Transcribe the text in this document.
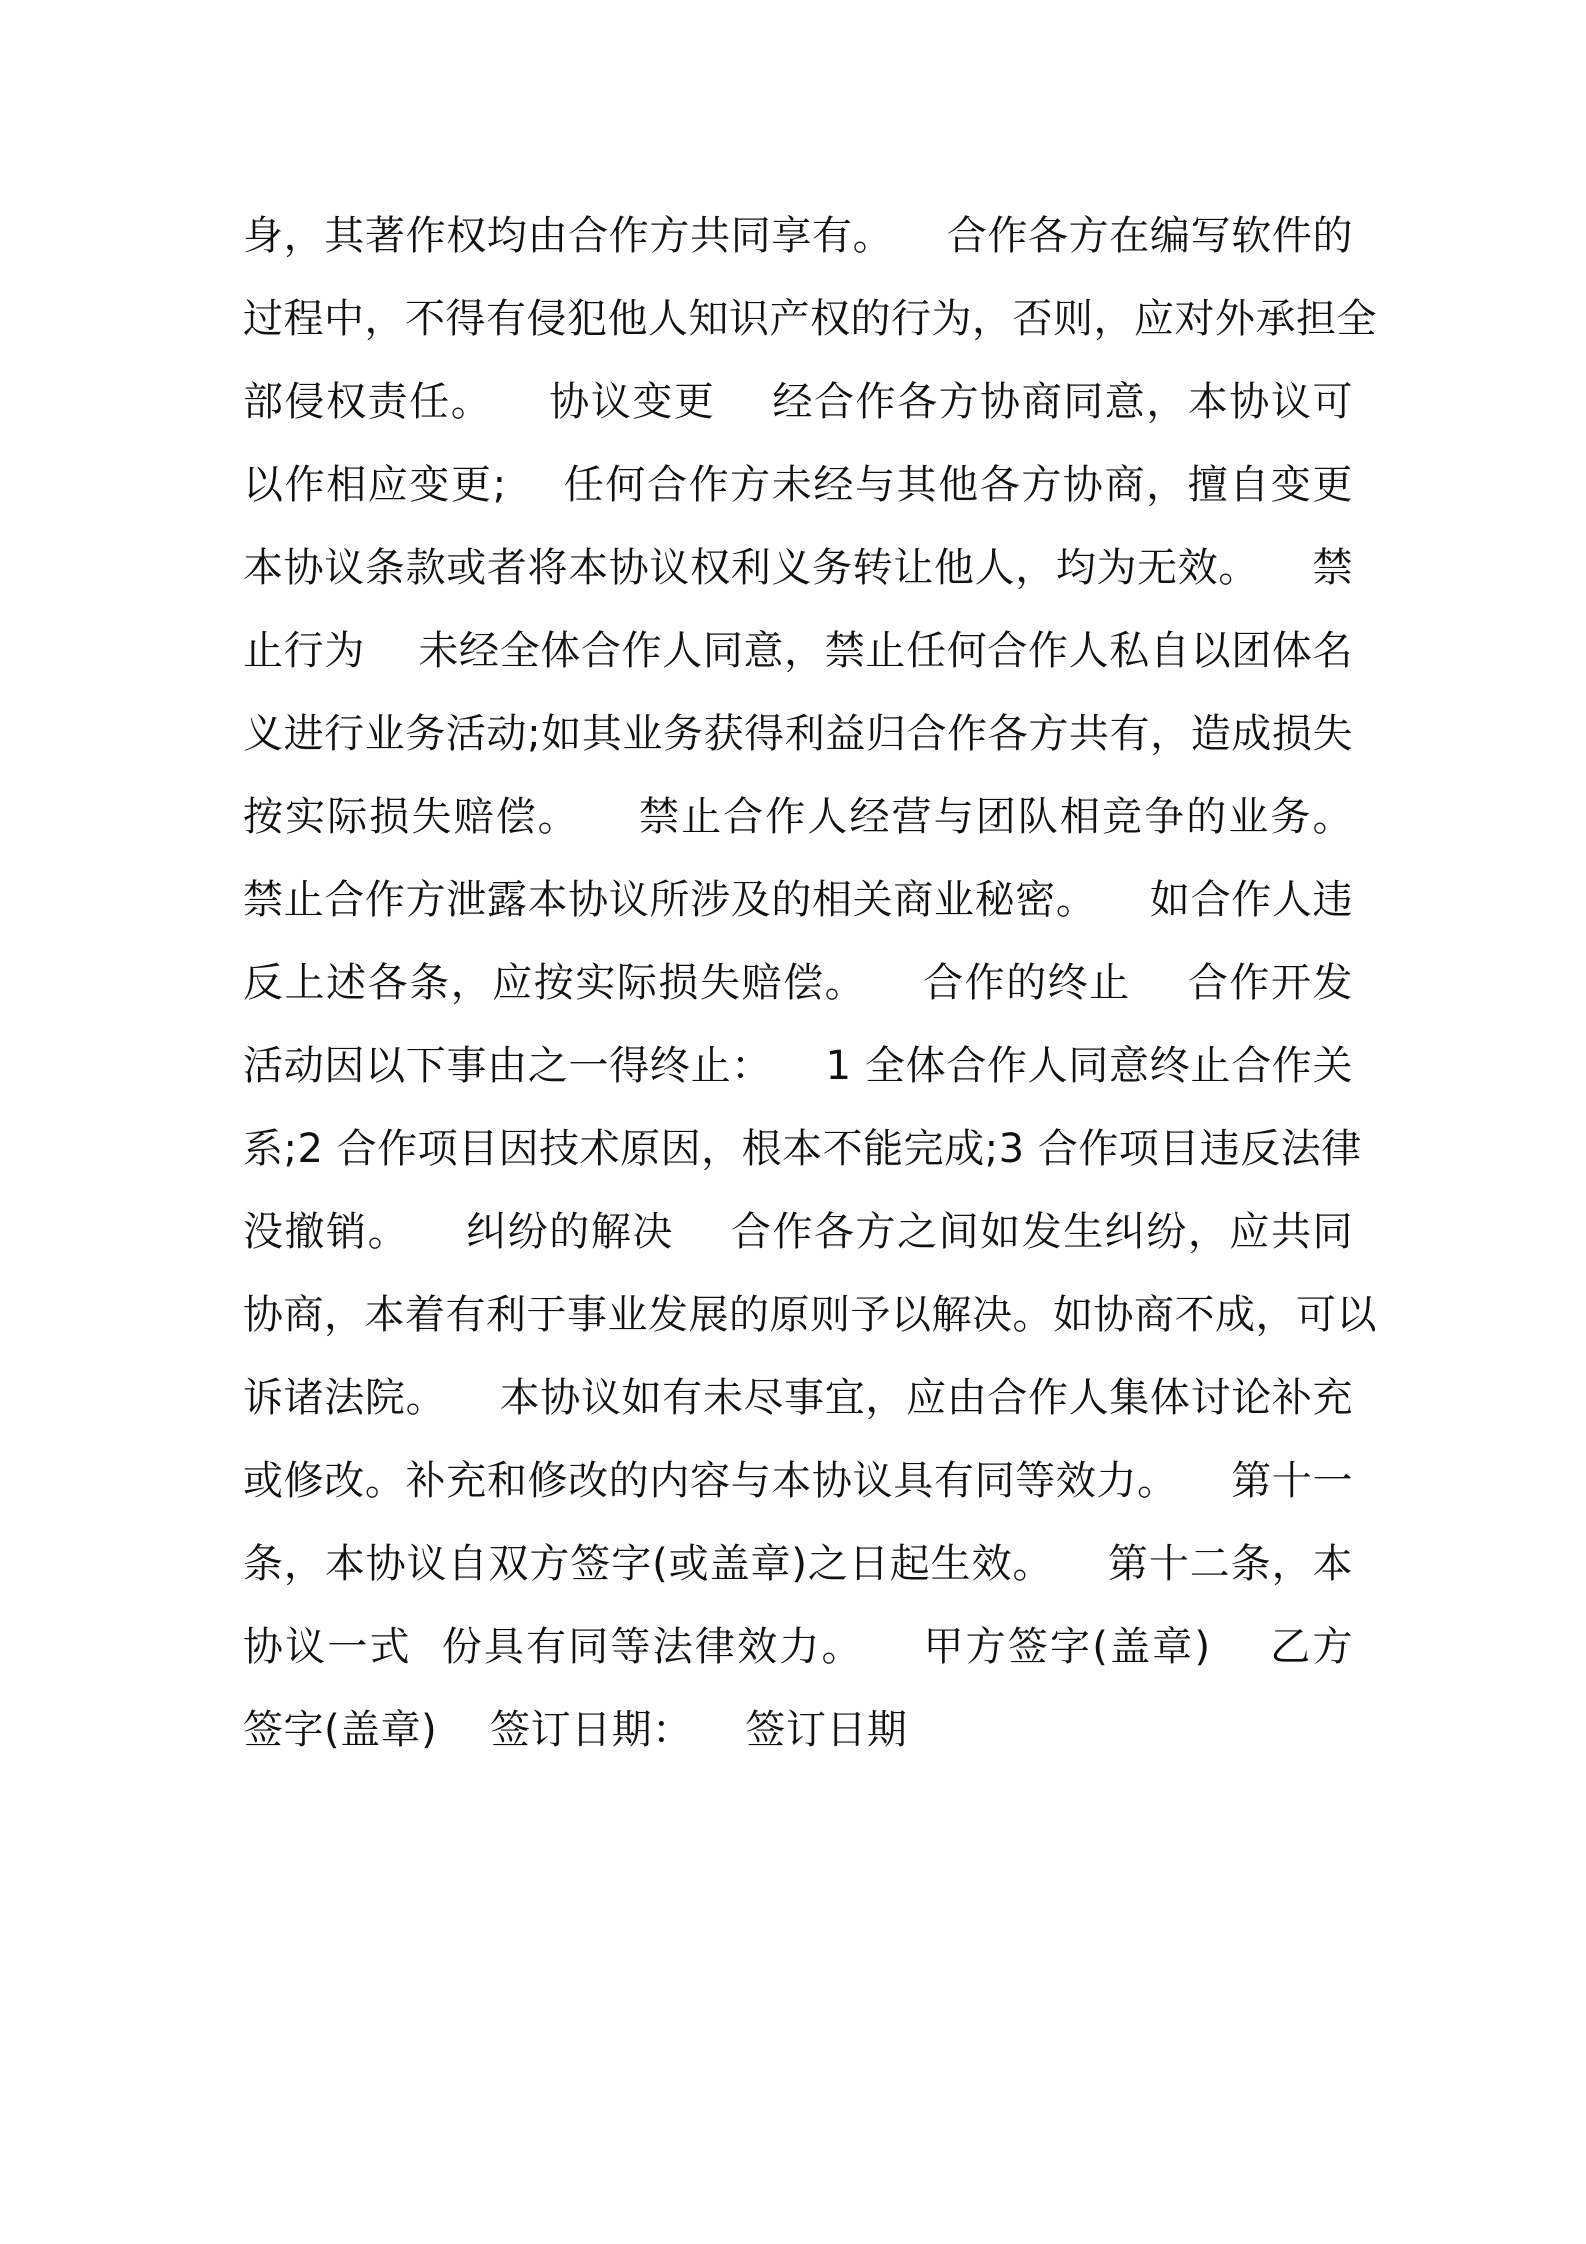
身，其著作权均由合作方共同享有。    合作各方在编写软件的
过程中，不得有侵犯他人知识产权的行为，否则，应对外承担全
部侵权责任。    协议变更    经合作各方协商同意，本协议可
以作相应变更;    任何合作方未经与其他各方协商，擅自变更
本协议条款或者将本协议权利义务转让他人，均为无效。    禁
止行为    未经全体合作人同意，禁止任何合作人私自以团体名
义进行业务活动;如其业务获得利益归合作各方共有，造成损失
按实际损失赔偿。    禁止合作人经营与团队相竞争的业务。
禁止合作方泄露本协议所涉及的相关商业秘密。    如合作人违
反上述各条，应按实际损失赔偿。    合作的终止    合作开发
活动因以下事由之一得终止：    1 全体合作人同意终止合作关
系;2 合作项目因技术原因，根本不能完成;3 合作项目违反法律
没撤销。    纠纷的解决    合作各方之间如发生纠纷，应共同
协商，本着有利于事业发展的原则予以解决。如协商不成，可以
诉诸法院。    本协议如有未尽事宜，应由合作人集体讨论补充
或修改。补充和修改的内容与本协议具有同等效力。    第十一
条，本协议自双方签字(或盖章)之日起生效。    第十二条，本
协议一式  份具有同等法律效力。    甲方签字(盖章)    乙方
签字(盖章)    签订日期：    签订日期
